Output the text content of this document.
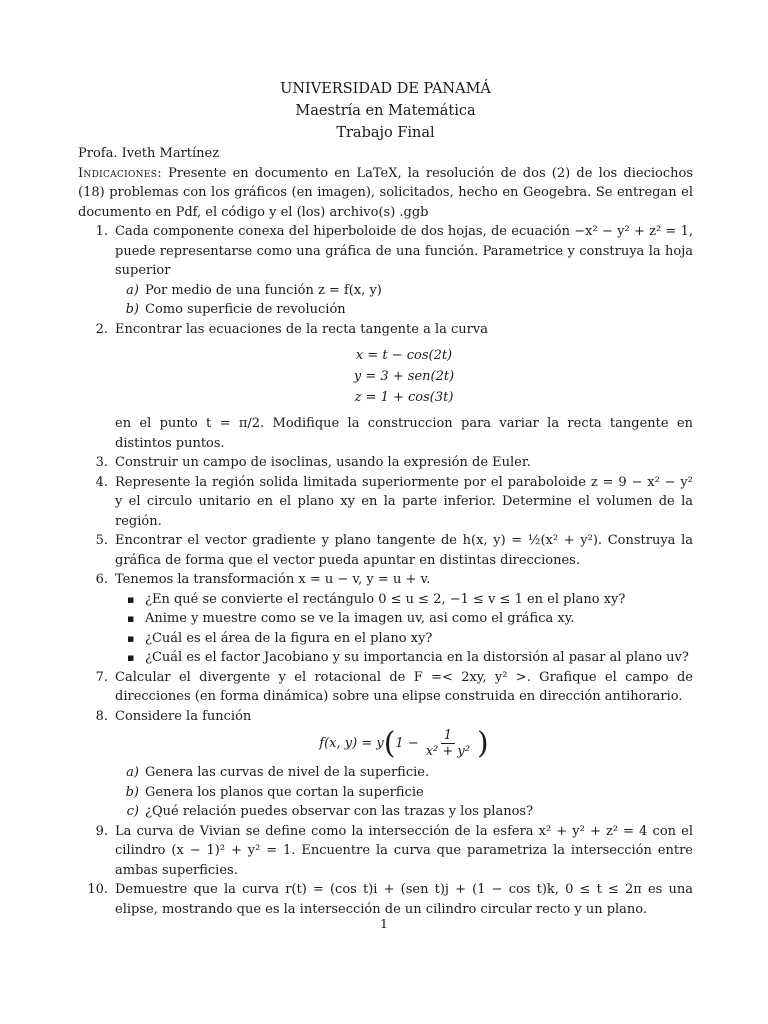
UNIVERSIDAD DE PANAMÁ

Maestría en Matemática

Trabajo Final

Profa. Iveth Martínez

Indicaciones: Presente en documento en LaTeX, la resolución de dos (2) de los dieciochos (18) problemas con los gráficos (en imagen), solicitados, hecho en Geogebra. Se entregan el documento en Pdf, el código y el (los) archivo(s) .ggb

1. Cada componente conexa del hiperboloide de dos hojas, de ecuación −x² − y² + z² = 1, puede representarse como una gráfica de una función. Parametrice y construya la hoja superior
a) Por medio de una función z = f(x, y)
b) Como superficie de revolución
2. Encontrar las ecuaciones de la recta tangente a la curva
x = t − cos(2t)
y = 3 + sen(2t)
z = 1 + cos(3t)
en el punto t = π/2. Modifique la construccion para variar la recta tangente en distintos puntos.
3. Construir un campo de isoclinas, usando la expresión de Euler.
4. Represente la región solida limitada superiormente por el paraboloide z = 9 − x² − y² y el circulo unitario en el plano xy en la parte inferior. Determine el volumen de la región.
5. Encontrar el vector gradiente y plano tangente de h(x, y) = ½(x² + y²). Construya la gráfica de forma que el vector pueda apuntar en distintas direcciones.
6. Tenemos la transformación x = u − v, y = u + v.
▪ ¿En qué se convierte el rectángulo 0 ≤ u ≤ 2, −1 ≤ v ≤ 1 en el plano xy?
▪ Anime y muestre como se ve la imagen uv, asi como el gráfica xy.
▪ ¿Cuál es el área de la figura en el plano xy?
▪ ¿Cuál es el factor Jacobiano y su importancia en la distorsión al pasar al plano uv?
7. Calcular el divergente y el rotacional de F =< 2xy, y² >. Grafique el campo de direcciones (en forma dinámica) sobre una elipse construida en dirección antihorario.
8. Considere la función
f(x, y) = y ( $1 - \frac{1}{\text{x² + y²}}$ )
a) Genera las curvas de nivel de la superficie.
b) Genera los planos que cortan la superficie
c) ¿Qué relación puedes observar con las trazas y los planos?
9. La curva de Vivian se define como la intersección de la esfera x² + y² + z² = 4 con el cilindro (x − 1)² + y² = 1. Encuentre la curva que parametriza la intersección entre ambas superficies.
10. Demuestre que la curva r(t) = (cos t)i + (sen t)j + (1 − cos t)k, 0 ≤ t ≤ 2π es una elipse, mostrando que es la intersección de un cilindro circular recto y un plano.
1
